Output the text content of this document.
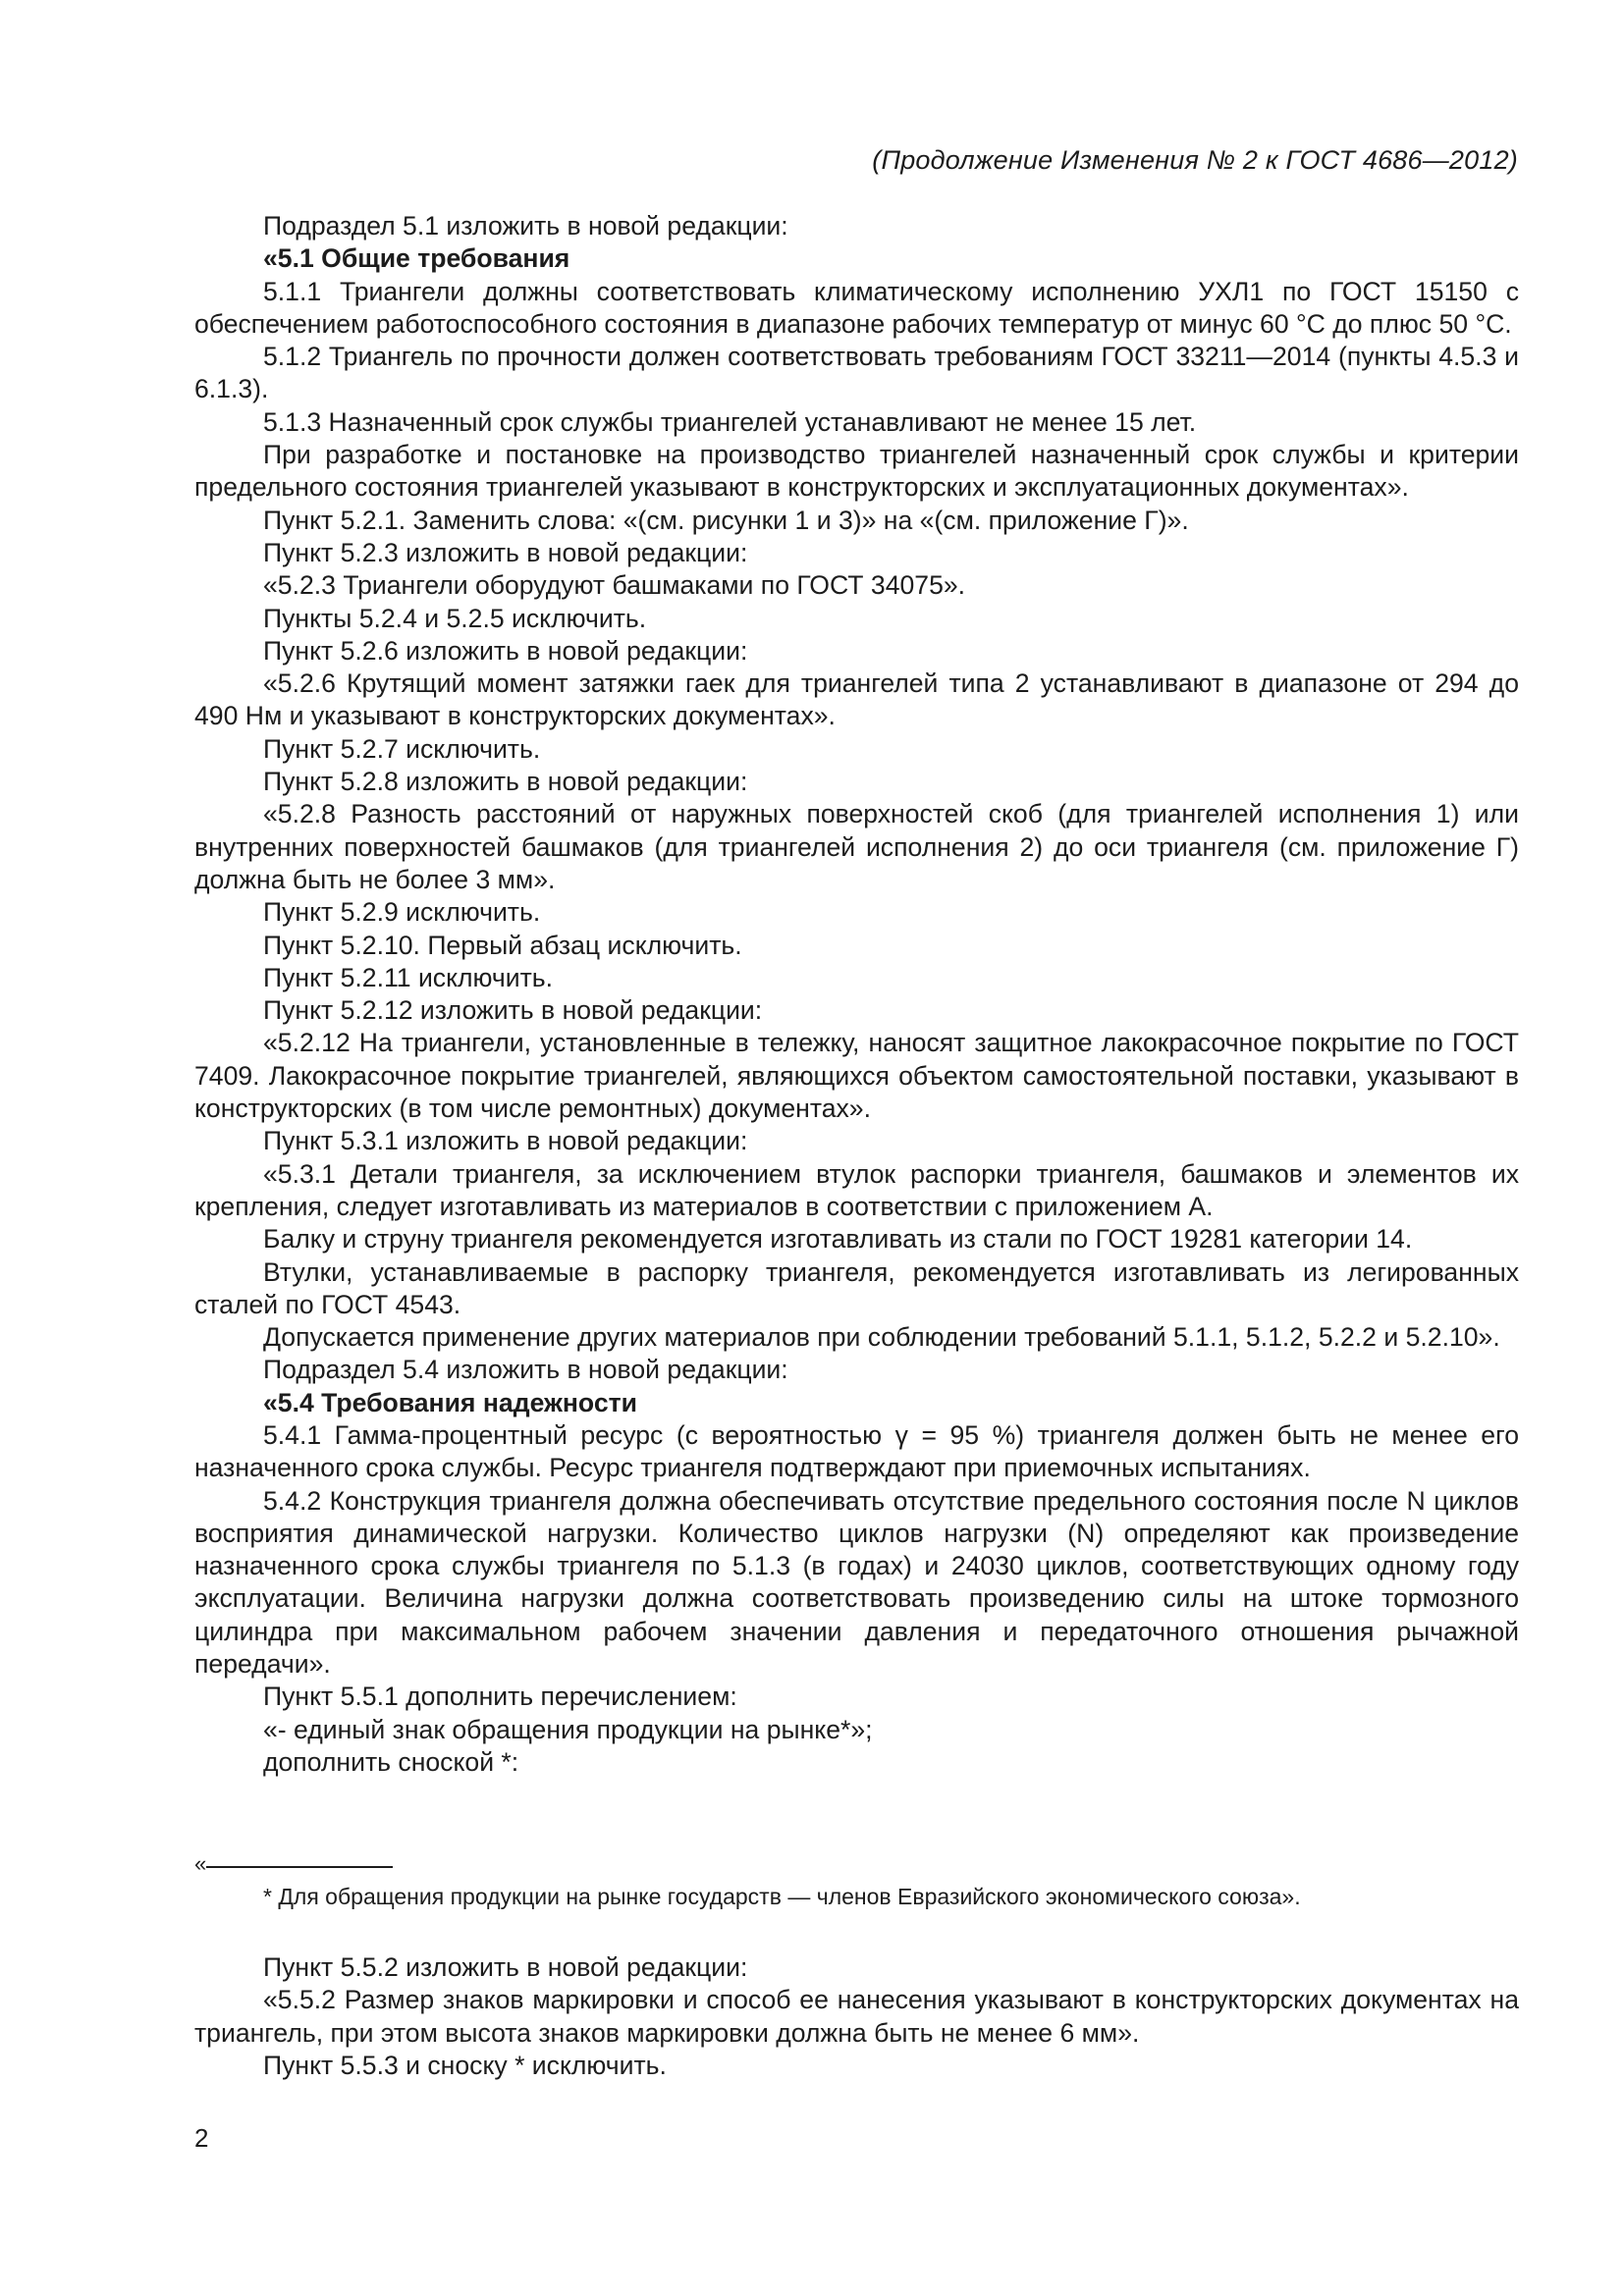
(Продолжение Изменения № 2 к ГОСТ 4686—2012)

Подраздел 5.1 изложить в новой редакции:

«5.1 Общие требования

5.1.1 Триангели должны соответствовать климатическому исполнению УХЛ1 по ГОСТ 15150 с обеспечением работоспособного состояния в диапазоне рабочих температур от минус 60 °С до плюс 50 °С.

5.1.2 Триангель по прочности должен соответствовать требованиям ГОСТ 33211—2014 (пункты 4.5.3 и 6.1.3).

5.1.3 Назначенный срок службы триангелей устанавливают не менее 15 лет.

При разработке и постановке на производство триангелей назначенный срок службы и критерии предельного состояния триангелей указывают в конструкторских и эксплуатационных документах».

Пункт 5.2.1. Заменить слова: «(см. рисунки 1 и 3)» на «(см. приложение Г)».

Пункт 5.2.3 изложить в новой редакции:

«5.2.3 Триангели оборудуют башмаками по ГОСТ 34075».

Пункты 5.2.4 и 5.2.5 исключить.

Пункт 5.2.6 изложить в новой редакции:

«5.2.6 Крутящий момент затяжки гаек для триангелей типа 2 устанавливают в диапазоне от 294 до 490 Нм и указывают в конструкторских документах».

Пункт 5.2.7 исключить.

Пункт 5.2.8 изложить в новой редакции:

«5.2.8 Разность расстояний от наружных поверхностей скоб (для триангелей исполнения 1) или внутренних поверхностей башмаков (для триангелей исполнения 2) до оси триангеля (см. приложение Г) должна быть не более 3 мм».

Пункт 5.2.9 исключить.

Пункт 5.2.10. Первый абзац исключить.

Пункт 5.2.11 исключить.

Пункт 5.2.12 изложить в новой редакции:

«5.2.12 На триангели, установленные в тележку, наносят защитное лакокрасочное покрытие по ГОСТ 7409. Лакокрасочное покрытие триангелей, являющихся объектом самостоятельной поставки, указывают в конструкторских (в том числе ремонтных) документах».

Пункт 5.3.1 изложить в новой редакции:

«5.3.1 Детали триангеля, за исключением втулок распорки триангеля, башмаков и элементов их крепления, следует изготавливать из материалов в соответствии с приложением А.

Балку и струну триангеля рекомендуется изготавливать из стали по ГОСТ 19281 категории 14.

Втулки, устанавливаемые в распорку триангеля, рекомендуется изготавливать из легированных сталей по ГОСТ 4543.

Допускается применение других материалов при соблюдении требований 5.1.1, 5.1.2, 5.2.2 и 5.2.10».

Подраздел 5.4 изложить в новой редакции:

«5.4 Требования надежности

5.4.1 Гамма-процентный ресурс (с вероятностью γ = 95 %) триангеля должен быть не менее его назначенного срока службы. Ресурс триангеля подтверждают при приемочных испытаниях.

5.4.2 Конструкция триангеля должна обеспечивать отсутствие предельного состояния после N циклов восприятия динамической нагрузки. Количество циклов нагрузки (N) определяют как произведение назначенного срока службы триангеля по 5.1.3 (в годах) и 24030 циклов, соответствующих одному году эксплуатации. Величина нагрузки должна соответствовать произведению силы на штоке тормозного цилиндра при максимальном рабочем значении давления и передаточного отношения рычажной передачи».

Пункт 5.5.1 дополнить перечислением:

«- единый знак обращения продукции на рынке*»;

дополнить сноской *:

«
* Для обращения продукции на рынке государств — членов Евразийского экономического союза».

Пункт 5.5.2 изложить в новой редакции:

«5.5.2 Размер знаков маркировки и способ ее нанесения указывают в конструкторских документах на триангель, при этом высота знаков маркировки должна быть не менее 6 мм».

Пункт 5.5.3 и сноску * исключить.

2
